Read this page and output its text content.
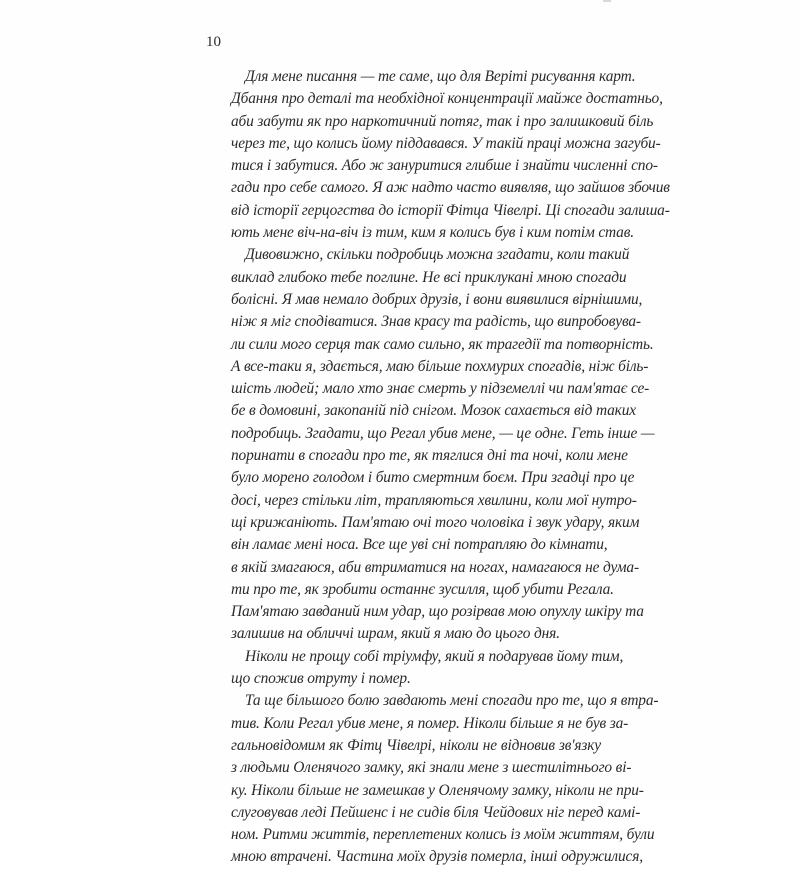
10
Для мене писання — те саме, що для Веріті рисування карт.
Дбання про деталі та необхідної концентрації майже достатньо,
аби забути як про наркотичний потяг, так і про залишковий біль
через те, що колись йому піддавався. У такій праці можна загуби-
тися і забутися. Або ж зануритися глибше і знайти численні спо-
гади про себе самого. Я аж надто часто виявляв, що зайшов збочив
від історії герцогства до історії Фітца Чівелрі. Ці спогади залиша-
ють мене віч-на-віч із тим, ким я колись був і ким потім став.
Дивовижно, скільки подробиць можна згадати, коли такий
виклад глибоко тебе поглине. Не всі приклукані мною спогади
болісні. Я мав немало добрих друзів, і вони виявилися вірнішими,
ніж я міг сподіватися. Знав красу та радість, що випробовува-
ли сили мого серця так само сильно, як трагедії та потворність.
А все-таки я, здається, маю більше похмурих спогадів, ніж біль-
шість людей; мало хто знає смерть у підземеллі чи пам'ятає се-
бе в домовині, закопаній під снігом. Мозок сахається від таких
подробиць. Згадати, що Регал убив мене, — це одне. Геть інше —
поринати в спогади про те, як тяглися дні та ночі, коли мене
було морено голодом і бито смертним боєм. При згадці про це
досі, через стільки літ, трапляються хвилини, коли мої нутро-
щі крижаніють. Пам'ятаю очі того чоловіка і звук удару, яким
він ламає мені носа. Все ще уві сні потрапляю до кімнати,
в якій змагаюся, аби втриматися на ногах, намагаюся не дума-
ти про те, як зробити останнє зусилля, щоб убити Регала.
Пам'ятаю завданий ним удар, що розірвав мою опухлу шкіру та
залишив на обличчі шрам, який я маю до цього дня.
Ніколи не прощу собі тріумфу, який я подарував йому тим,
що спожив отруту і помер.
Та ще більшого болю завдають мені спогади про те, що я втра-
тив. Коли Регал убив мене, я помер. Ніколи більше я не був за-
гальновідомим як Фітц Чівелрі, ніколи не відновив зв'язку
з людьми Оленячого замку, які знали мене з шестилітнього ві-
ку. Ніколи більше не замешкав у Оленячому замку, ніколи не при-
слуговував леді Пейшенс і не сидів біля Чейдових ніг перед камі-
ном. Ритми життів, переплетених колись із моїм життям, були
мною втрачені. Частина моїх друзів померла, інші одружилися,
